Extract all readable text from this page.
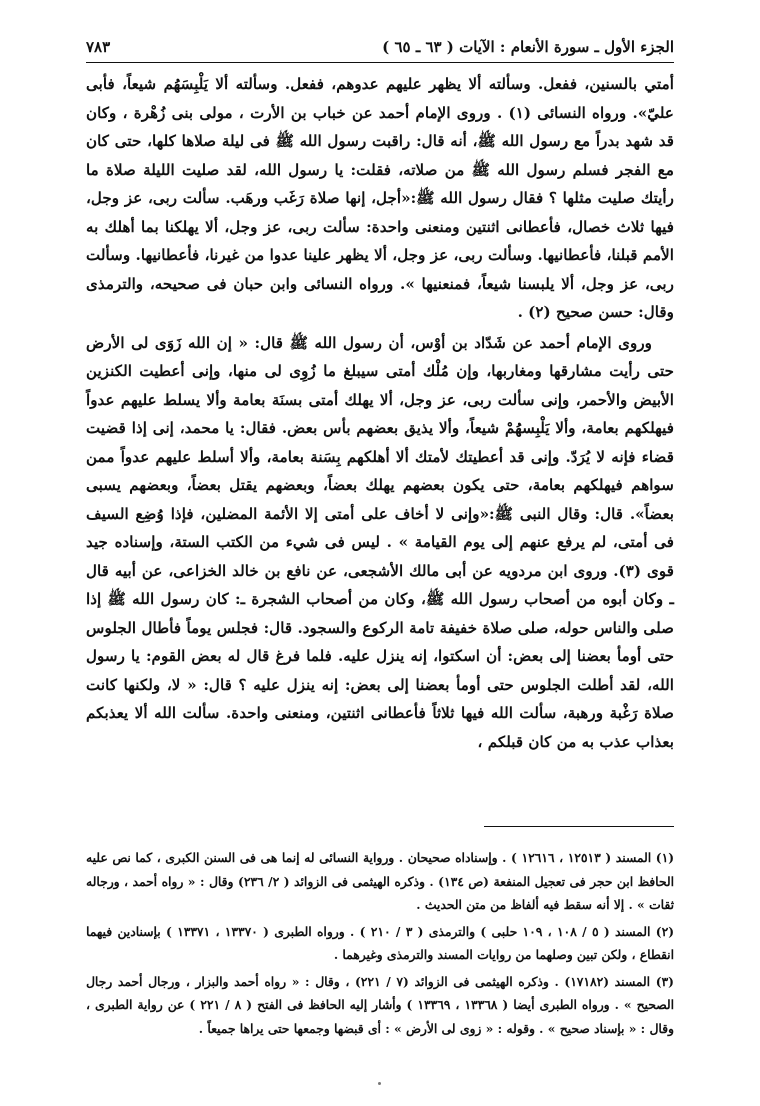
الجزء الأول ـ سورة الأنعام : الآيات ( ٦٣ ـ ٦٥ )
٧٨٣

أمتي بالسنين، ففعل. وسألته ألا يظهر عليهم عدوهم، ففعل. وسألته ألا يَلْبِسَهُم شيعاً، فأبى عليّ». ورواه النسائى (١) . وروى الإمام أحمد عن خباب بن الأرت ، مولى بنى زُهْرة ، وكان قد شهد بدراً مع رسول الله ﷺ، أنه قال: راقبت رسول الله ﷺ فى ليلة صلاها كلها، حتى كان مع الفجر فسلم رسول الله ﷺ من صلاته، فقلت: يا رسول الله، لقد صليت الليلة صلاة ما رأيتك صليت مثلها ؟ فقال رسول الله ﷺ:«أجل، إنها صلاة رَغَب ورهَب. سألت ربى، عز وجل، فيها ثلاث خصال، فأعطانى اثنتين ومنعنى واحدة: سألت ربى، عز وجل، ألا يهلكنا بما أهلك به الأمم قبلنا، فأعطانيها. وسألت ربى، عز وجل، ألا يظهر علينا عدوا من غيرنا، فأعطانيها. وسألت ربى، عز وجل، ألا يلبسنا شيعاً، فمنعنيها ». ورواه النسائى وابن حبان فى صحيحه، والترمذى وقال: حسن صحيح (٢) .

وروى الإمام أحمد عن شَدّاد بن أوْس، أن رسول الله ﷺ قال: « إن الله زَوَى لى الأرض حتى رأيت مشارقها ومغاربها، وإن مُلْك أمتى سيبلغ ما زُوِى لى منها، وإنى أعطيت الكنزين الأبيض والأحمر، وإنى سألت ربى، عز وجل، ألا يهلك أمتى بسنَة بعامة وألا يسلط عليهم عدواً فيهلكهم بعامة، وألا يَلْبِسهُمْ شيعاً، وألا يذيق بعضهم بأس بعض. فقال: يا محمد، إنى إذا قضيت قضاء فإنه لا يُرَدّ. وإنى قد أعطيتك لأمتك ألا أهلكهم بِسَنة بعامة، وألا أسلط عليهم عدواً ممن سواهم فيهلكهم بعامة، حتى يكون بعضهم يهلك بعضاً، وبعضهم يقتل بعضاً، وبعضهم يسبى بعضاً». قال: وقال النبى ﷺ:«وإنى لا أخاف على أمتى إلا الأئمة المضلين، فإذا وُضِع السيف فى أمتى، لم يرفع عنهم إلى يوم القيامة » . ليس فى شيء من الكتب الستة، وإسناده جيد قوى (٣). وروى ابن مردويه عن أبى مالك الأشجعى، عن نافع بن خالد الخزاعى، عن أبيه قال ـ وكان أبوه من أصحاب رسول الله ﷺ، وكان من أصحاب الشجرة ـ: كان رسول الله ﷺ إذا صلى والناس حوله، صلى صلاة خفيفة تامة الركوع والسجود. قال: فجلس يوماً فأطال الجلوس حتى أومأ بعضنا إلى بعض: أن اسكتوا، إنه ينزل عليه. فلما فرغ قال له بعض القوم: يا رسول الله، لقد أطلت الجلوس حتى أومأ بعضنا إلى بعض: إنه ينزل عليه ؟ قال: « لا، ولكنها كانت صلاة رَغْبة ورهبة، سألت الله فيها ثلاثاً فأعطانى اثنتين، ومنعنى واحدة. سألت الله ألا يعذبكم بعذاب عذب به من كان قبلكم ،

(١) المسند ( ١٢٥١٣ ، ١٢٦١٦ ) . وإسناداه صحيحان . ورواية النسائى له إنما هى فى السنن الكبرى ، كما نص عليه الحافظ ابن حجر فى تعجيل المنفعة (ص ١٣٤) . وذكره الهيثمى فى الزوائد ( ٢/ ٢٣٦) وقال : « رواه أحمد ، ورجاله ثقات » . إلا أنه سقط فيه ألفاظ من متن الحديث .

(٢) المسند ( ٥ / ١٠٨ ، ١٠٩ حلبى ) والترمذى ( ٣ / ٢١٠ ) . ورواه الطبرى ( ١٣٣٧٠ ، ١٣٣٧١ ) بإسنادين فيهما انقطاع ، ولكن تبين وصلهما من روايات المسند والترمذى وغيرهما .

(٣) المسند (١٧١٨٢) . وذكره الهيثمى فى الزوائد (٧ / ٢٢١) ، وقال : « رواه أحمد والبزار ، ورجال أحمد رجال الصحيح » . ورواه الطبرى أيضا ( ١٣٣٦٨ ، ١٣٣٦٩ ) وأشار إليه الحافظ فى الفتح ( ٨ / ٢٢١ ) عن رواية الطبرى ، وقال : « بإسناد صحيح » . وقوله : « زوى لى الأرض » : أى قبضها وجمعها حتى يراها جميعاً .
